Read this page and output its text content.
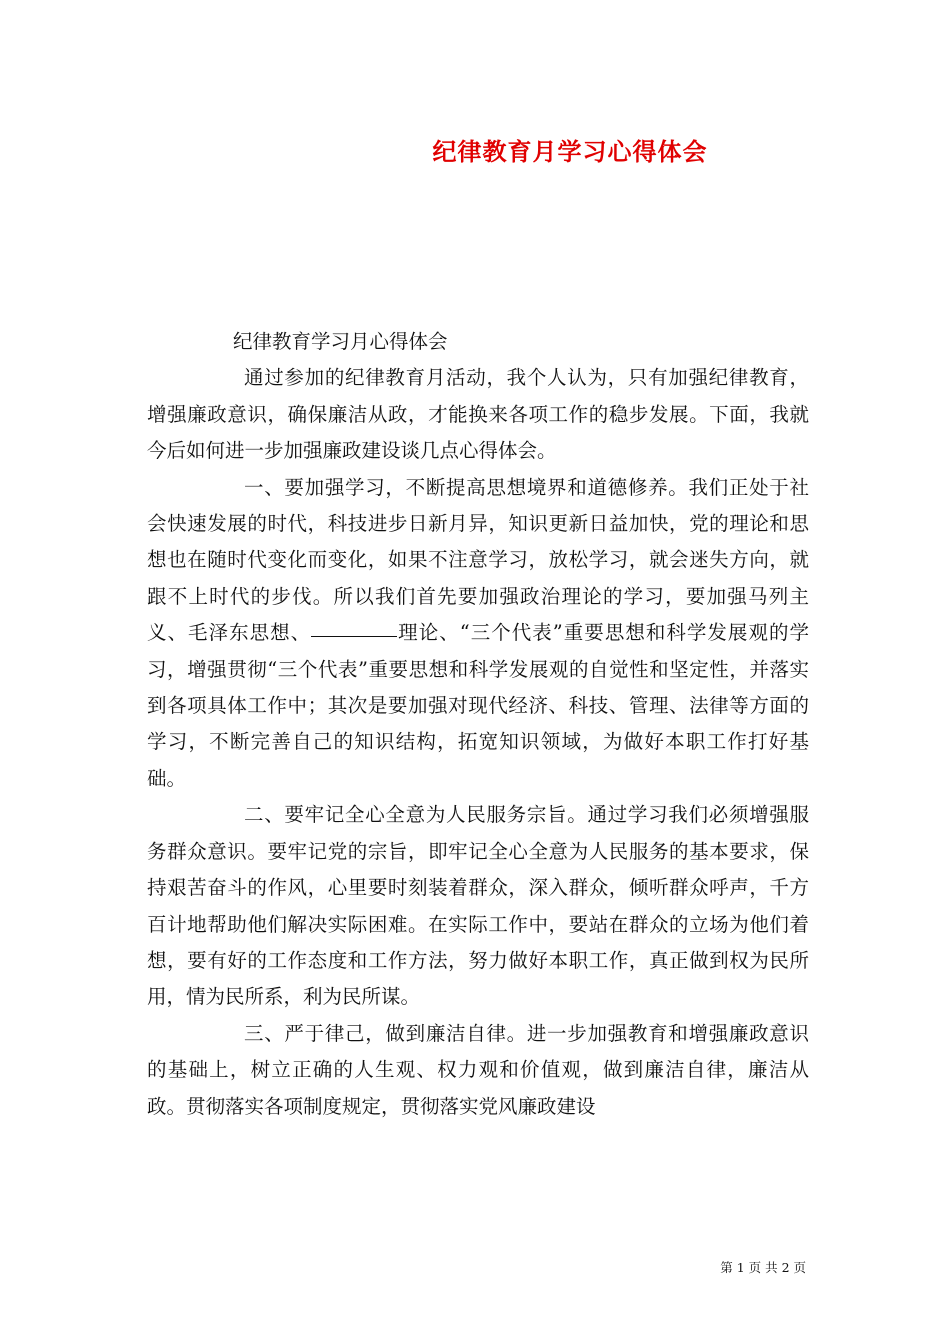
纪律教育月学习心得体会
纪律教育学习月心得体会

通过参加的纪律教育月活动，我个人认为，只有加强纪律教育，增强廉政意识，确保廉洁从政，才能换来各项工作的稳步发展。下面，我就今后如何进一步加强廉政建设谈几点心得体会。

一、要加强学习，不断提高思想境界和道德修养。我们正处于社会快速发展的时代，科技进步日新月异，知识更新日益加快，党的理论和思想也在随时代变化而变化，如果不注意学习，放松学习，就会迷失方向，就跟不上时代的步伐。所以我们首先要加强政治理论的学习，要加强马列主义、毛泽东思想、	理论、“三个代表”重要思想和科学发展观的学习，增强贯彻“三个代表”重要思想和科学发展观的自觉性和坚定性，并落实到各项具体工作中；其次是要加强对现代经济、科技、管理、法律等方面的学习，不断完善自己的知识结构，拓宽知识领域，为做好本职工作打好基础。

二、要牢记全心全意为人民服务宗旨。通过学习我们必须增强服务群众意识。要牢记党的宗旨，即牢记全心全意为人民服务的基本要求，保持艰苦奋斗的作风，心里要时刻装着群众，深入群众，倾听群众呼声，千方百计地帮助他们解决实际困难。在实际工作中，要站在群众的立场为他们着想，要有好的工作态度和工作方法，努力做好本职工作，真正做到权为民所用，情为民所系，利为民所谋。

三、严于律己，做到廉洁自律。进一步加强教育和增强廉政意识的基础上，树立正确的人生观、权力观和价值观，做到廉洁自律，廉洁从政。贯彻落实各项制度规定，贯彻落实党风廉政建设

第 1 页 共 2 页
